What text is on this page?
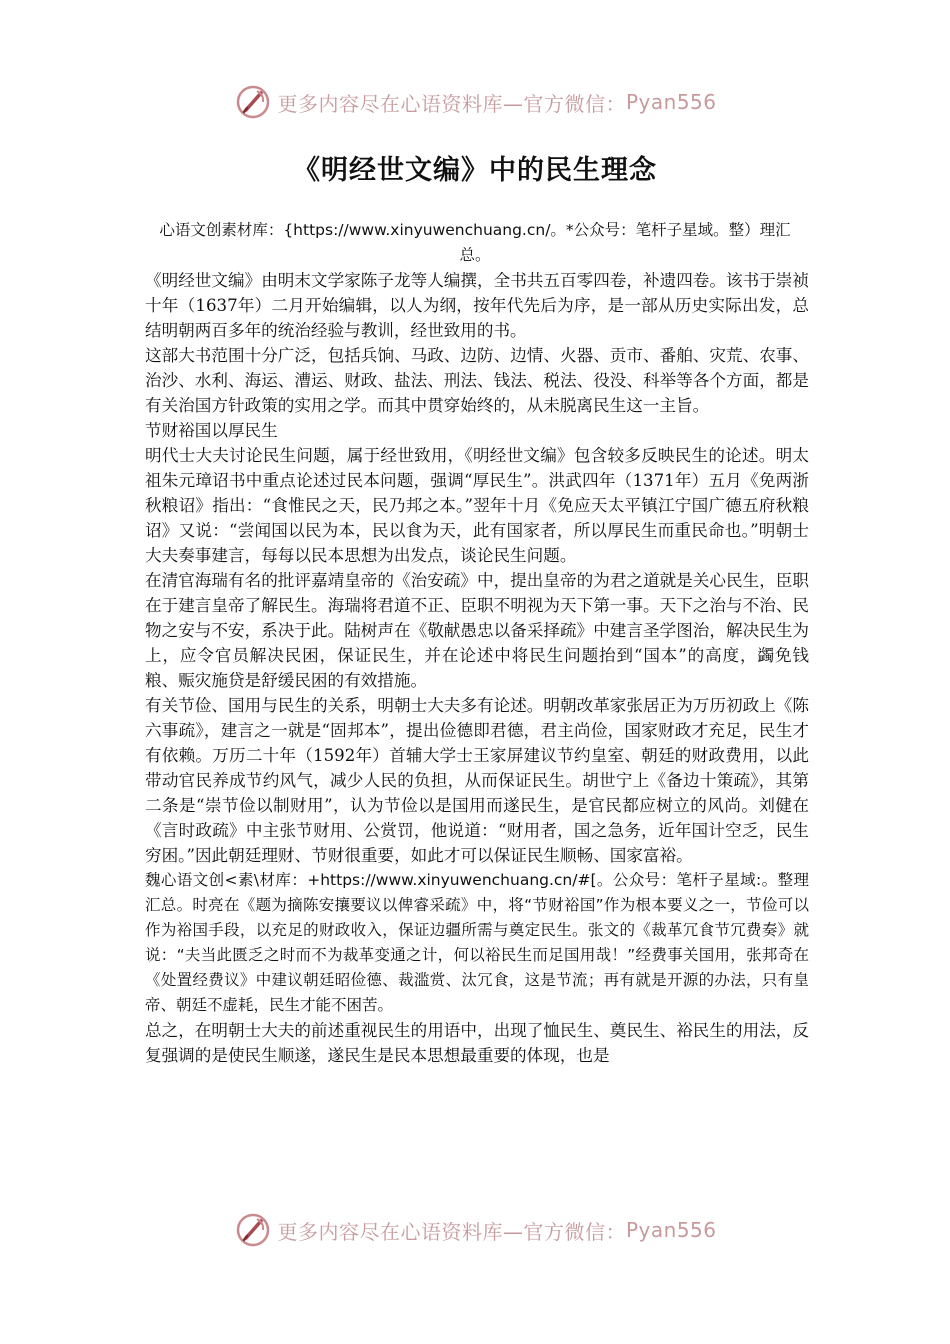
更多内容尽在心语资料库—官方微信： Pyan556
《明经世文编》中的民生理念
心语文创素材库：{https://www.xinyuwenchuang.cn/。*公众号：笔杆子星域。整）理汇总。

《明经世文编》由明末文学家陈子龙等人编撰，全书共五百零四卷，补遗四卷。该书于崇祯十年（1637年）二月开始编辑，以人为纲，按年代先后为序，是一部从历史实际出发，总结明朝两百多年的统治经验与教训，经世致用的书。

这部大书范围十分广泛，包括兵饷、马政、边防、边情、火器、贡市、番舶、灾荒、农事、治沙、水利、海运、漕运、财政、盐法、刑法、钱法、税法、役没、科举等各个方面，都是有关治国方针政策的实用之学。而其中贯穿始终的，从未脱离民生这一主旨。

节财裕国以厚民生

明代士大夫讨论民生问题，属于经世致用，《明经世文编》包含较多反映民生的论述。明太祖朱元璋诏书中重点论述过民本问题，强调“厚民生”。洪武四年（1371年）五月《免两浙秋粮诏》指出：“食惟民之天，民乃邦之本。”翌年十月《免应天太平镇江宁国广德五府秋粮诏》又说：“尝闻国以民为本，民以食为天，此有国家者，所以厚民生而重民命也。”明朝士大夫奏事建言，每每以民本思想为出发点，谈论民生问题。

在清官海瑞有名的批评嘉靖皇帝的《治安疏》中，提出皇帝的为君之道就是关心民生，臣职在于建言皇帝了解民生。海瑞将君道不正、臣职不明视为天下第一事。天下之治与不治、民物之安与不安，系决于此。陆树声在《敬献愚忠以备采择疏》中建言圣学图治，解决民生为上，应令官员解决民困，保证民生，并在论述中将民生问题抬到“国本”的高度，蠲免钱粮、赈灾施贷是舒缓民困的有效措施。

有关节俭、国用与民生的关系，明朝士大夫多有论述。明朝改革家张居正为万历初政上《陈六事疏》，建言之一就是“固邦本”，提出俭德即君德，君主尚俭，国家财政才充足，民生才有依赖。万历二十年（1592年）首辅大学士王家屏建议节约皇室、朝廷的财政费用，以此带动官民养成节约风气，减少人民的负担，从而保证民生。胡世宁上《备边十策疏》，其第二条是“崇节俭以制财用”，认为节俭以是国用而遂民生，是官民都应树立的风尚。刘健在《言时政疏》中主张节财用、公赏罚，他说道：“财用者，国之急务，近年国计空乏，民生穷困。”因此朝廷理财、节财很重要，如此才可以保证民生顺畅、国家富裕。

魏心语文创<素\材库：+https://www.xinyuwenchuang.cn/#[。公众号：笔杆子星域:。整理汇总。时亮在《题为摘陈安攘要议以俾睿采疏》中，将“节财裕国”作为根本要义之一，节俭可以作为裕国手段，以充足的财政收入，保证边疆所需与奠定民生。张文的《裁革冗食节冗费奏》就说：“夫当此匮乏之时而不为裁革变通之计，何以裕民生而足国用哉！”经费事关国用，张邦奇在《处置经费议》中建议朝廷昭俭德、裁滥赏、汰冗食，这是节流；再有就是开源的办法，只有皇帝、朝廷不虚耗，民生才能不困苦。

总之，在明朝士大夫的前述重视民生的用语中，出现了恤民生、奠民生、裕民生的用法，反复强调的是使民生顺遂，遂民生是民本思想最重要的体现，也是

更多内容尽在心语资料库—官方微信： Pyan556
